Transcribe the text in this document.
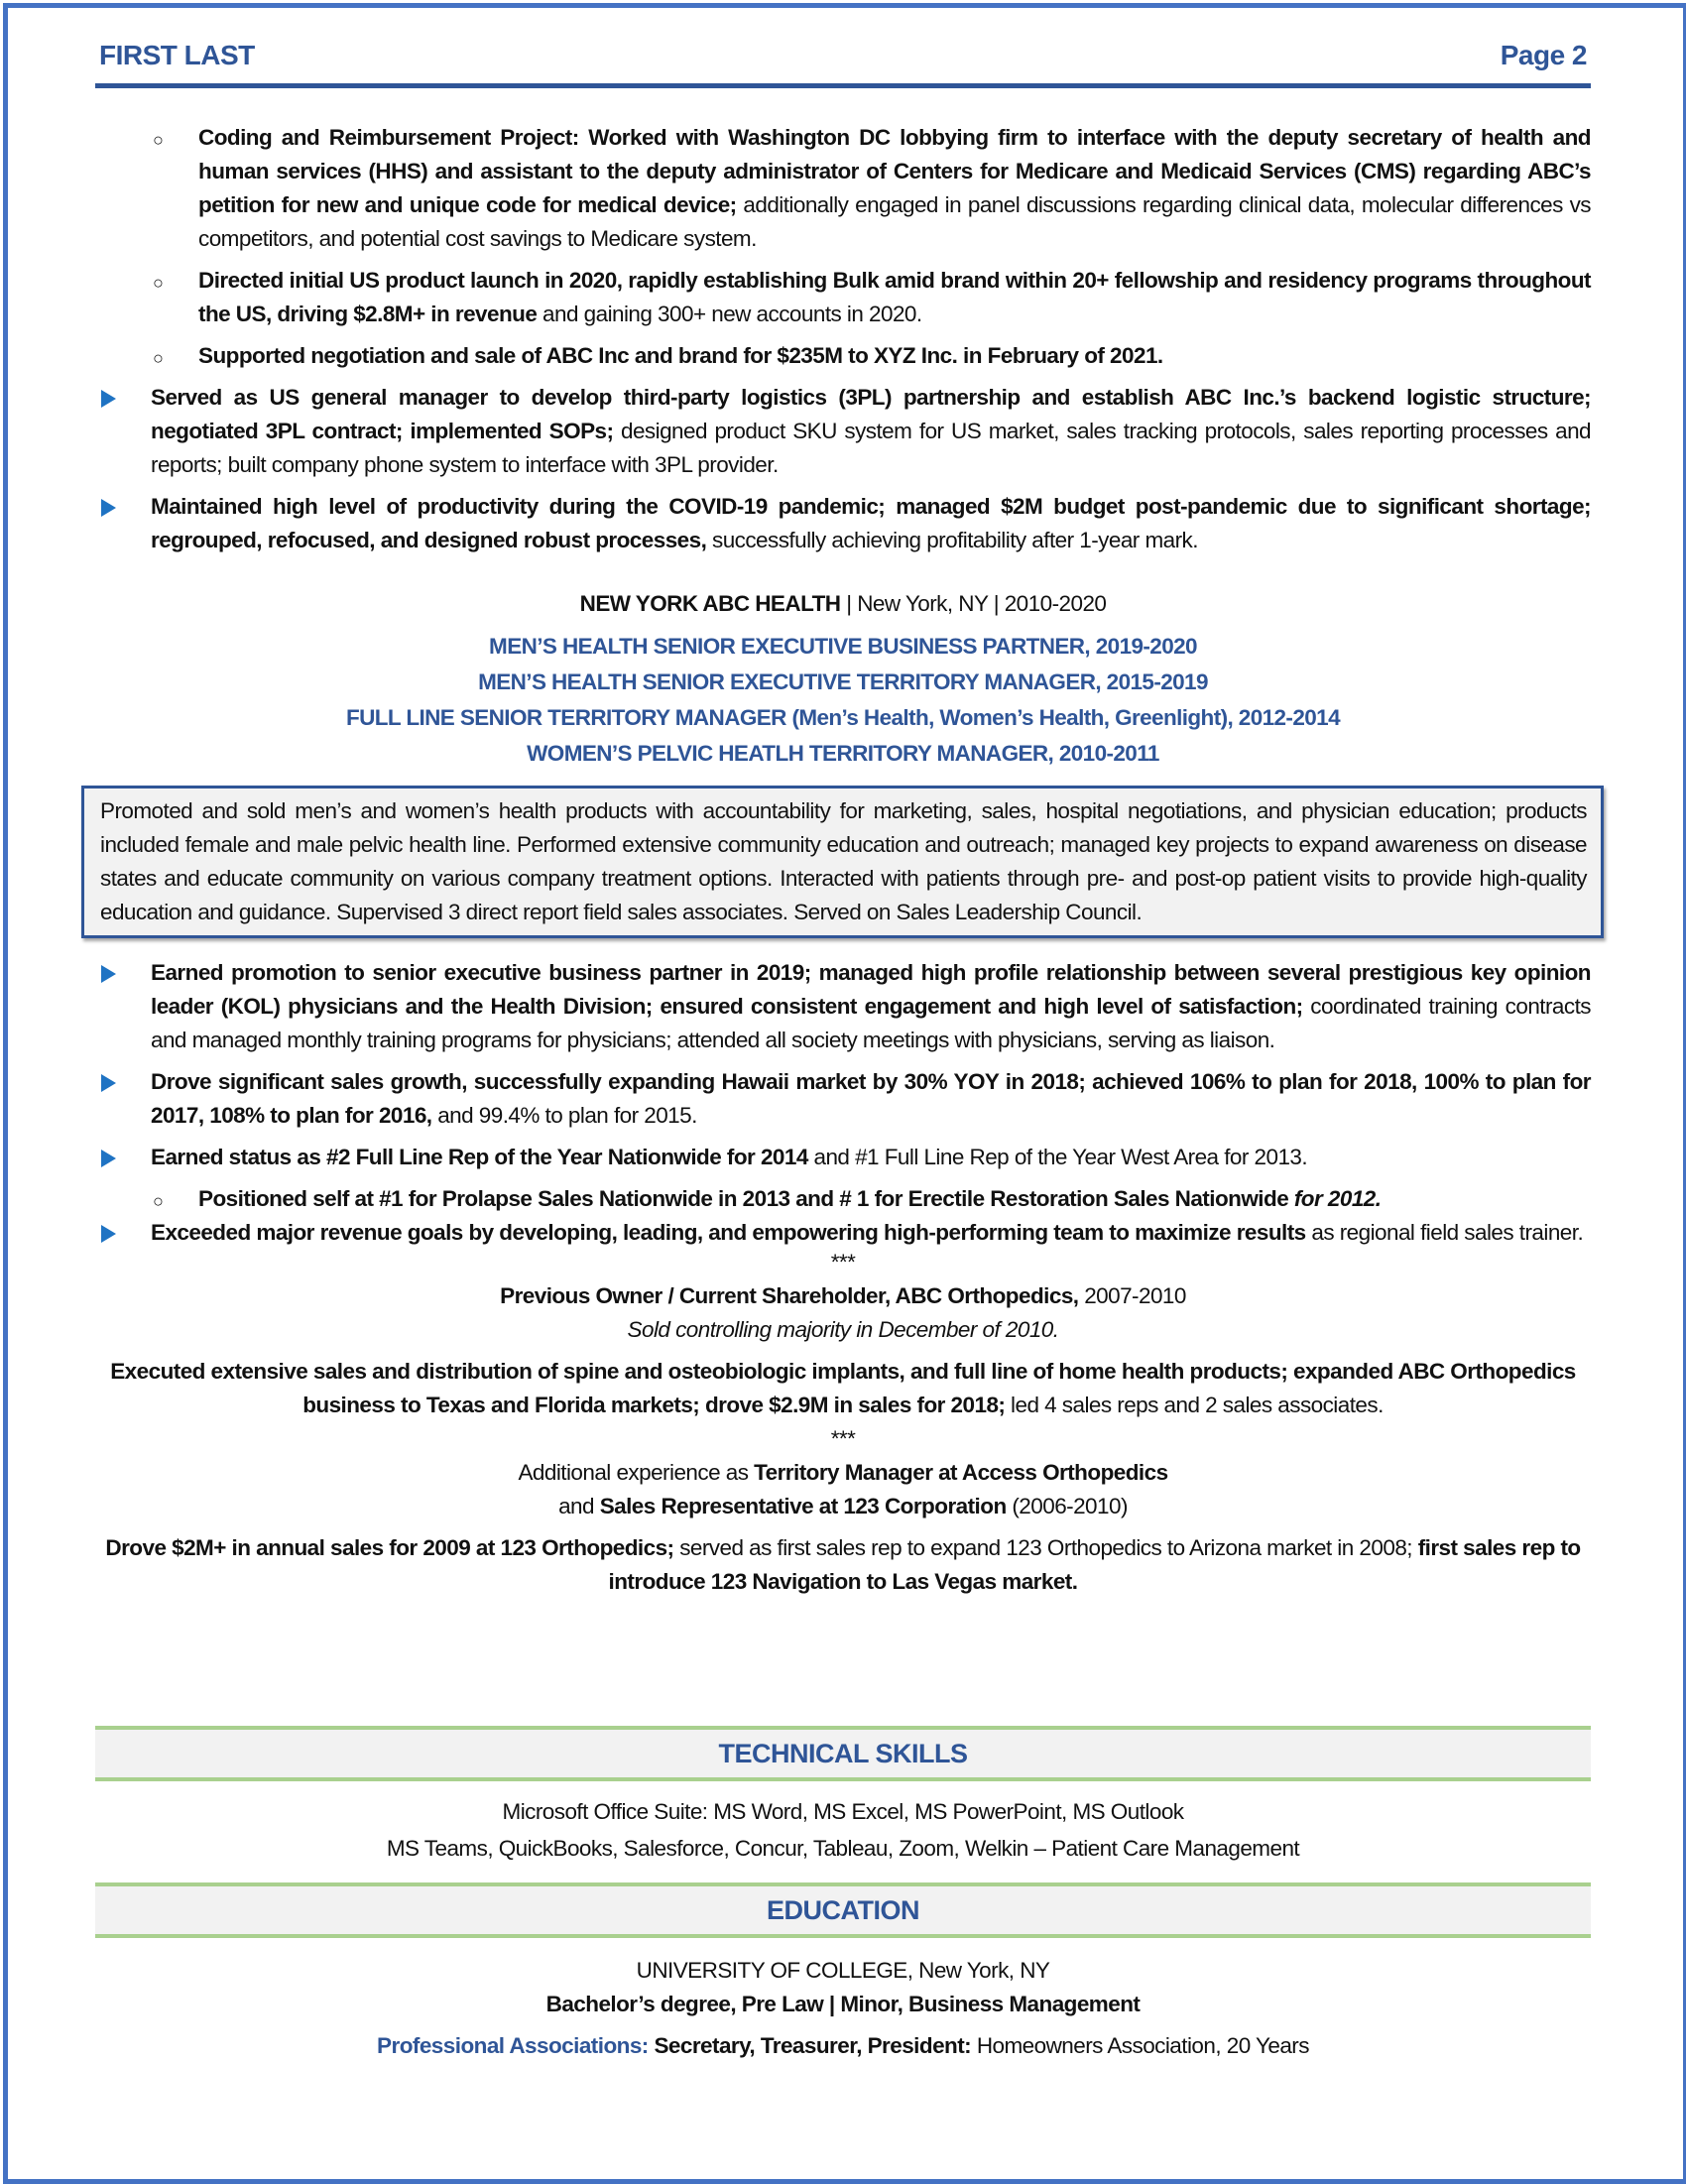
FIRST LAST	Page 2
○ Coding and Reimbursement Project: Worked with Washington DC lobbying firm to interface with the deputy secretary of health and human services (HHS) and assistant to the deputy administrator of Centers for Medicare and Medicaid Services (CMS) regarding ABC’s petition for new and unique code for medical device; additionally engaged in panel discussions regarding clinical data, molecular differences vs competitors, and potential cost savings to Medicare system.
○ Directed initial US product launch in 2020, rapidly establishing Bulk amid brand within 20+ fellowship and residency programs throughout the US, driving $2.8M+ in revenue and gaining 300+ new accounts in 2020.
○ Supported negotiation and sale of ABC Inc and brand for $235M to XYZ Inc. in February of 2021.
Served as US general manager to develop third-party logistics (3PL) partnership and establish ABC Inc.’s backend logistic structure; negotiated 3PL contract; implemented SOPs; designed product SKU system for US market, sales tracking protocols, sales reporting processes and reports; built company phone system to interface with 3PL provider.
Maintained high level of productivity during the COVID-19 pandemic; managed $2M budget post-pandemic due to significant shortage; regrouped, refocused, and designed robust processes, successfully achieving profitability after 1-year mark.
NEW YORK ABC HEALTH | New York, NY | 2010-2020
MEN’S HEALTH SENIOR EXECUTIVE BUSINESS PARTNER, 2019-2020
MEN’S HEALTH SENIOR EXECUTIVE TERRITORY MANAGER, 2015-2019
FULL LINE SENIOR TERRITORY MANAGER (Men’s Health, Women’s Health, Greenlight), 2012-2014
WOMEN’S PELVIC HEATLH TERRITORY MANAGER, 2010-2011
Promoted and sold men’s and women’s health products with accountability for marketing, sales, hospital negotiations, and physician education; products included female and male pelvic health line. Performed extensive community education and outreach; managed key projects to expand awareness on disease states and educate community on various company treatment options. Interacted with patients through pre- and post-op patient visits to provide high-quality education and guidance. Supervised 3 direct report field sales associates. Served on Sales Leadership Council.
Earned promotion to senior executive business partner in 2019; managed high profile relationship between several prestigious key opinion leader (KOL) physicians and the Health Division; ensured consistent engagement and high level of satisfaction; coordinated training contracts and managed monthly training programs for physicians; attended all society meetings with physicians, serving as liaison.
Drove significant sales growth, successfully expanding Hawaii market by 30% YOY in 2018; achieved 106% to plan for 2018, 100% to plan for 2017, 108% to plan for 2016, and 99.4% to plan for 2015.
Earned status as #2 Full Line Rep of the Year Nationwide for 2014 and #1 Full Line Rep of the Year West Area for 2013.
○ Positioned self at #1 for Prolapse Sales Nationwide in 2013 and # 1 for Erectile Restoration Sales Nationwide for 2012.
Exceeded major revenue goals by developing, leading, and empowering high-performing team to maximize results as regional field sales trainer.
***
Previous Owner / Current Shareholder, ABC Orthopedics, 2007-2010
Sold controlling majority in December of 2010.
Executed extensive sales and distribution of spine and osteobiologic implants, and full line of home health products; expanded ABC Orthopedics business to Texas and Florida markets; drove $2.9M in sales for 2018; led 4 sales reps and 2 sales associates.
***
Additional experience as Territory Manager at Access Orthopedics
and Sales Representative at 123 Corporation (2006-2010)
Drove $2M+ in annual sales for 2009 at 123 Orthopedics; served as first sales rep to expand 123 Orthopedics to Arizona market in 2008; first sales rep to introduce 123 Navigation to Las Vegas market.
TECHNICAL SKILLS
Microsoft Office Suite: MS Word, MS Excel, MS PowerPoint, MS Outlook
MS Teams, QuickBooks, Salesforce, Concur, Tableau, Zoom, Welkin – Patient Care Management
EDUCATION
UNIVERSITY OF COLLEGE, New York, NY
Bachelor’s degree, Pre Law | Minor, Business Management
Professional Associations: Secretary, Treasurer, President: Homeowners Association, 20 Years
